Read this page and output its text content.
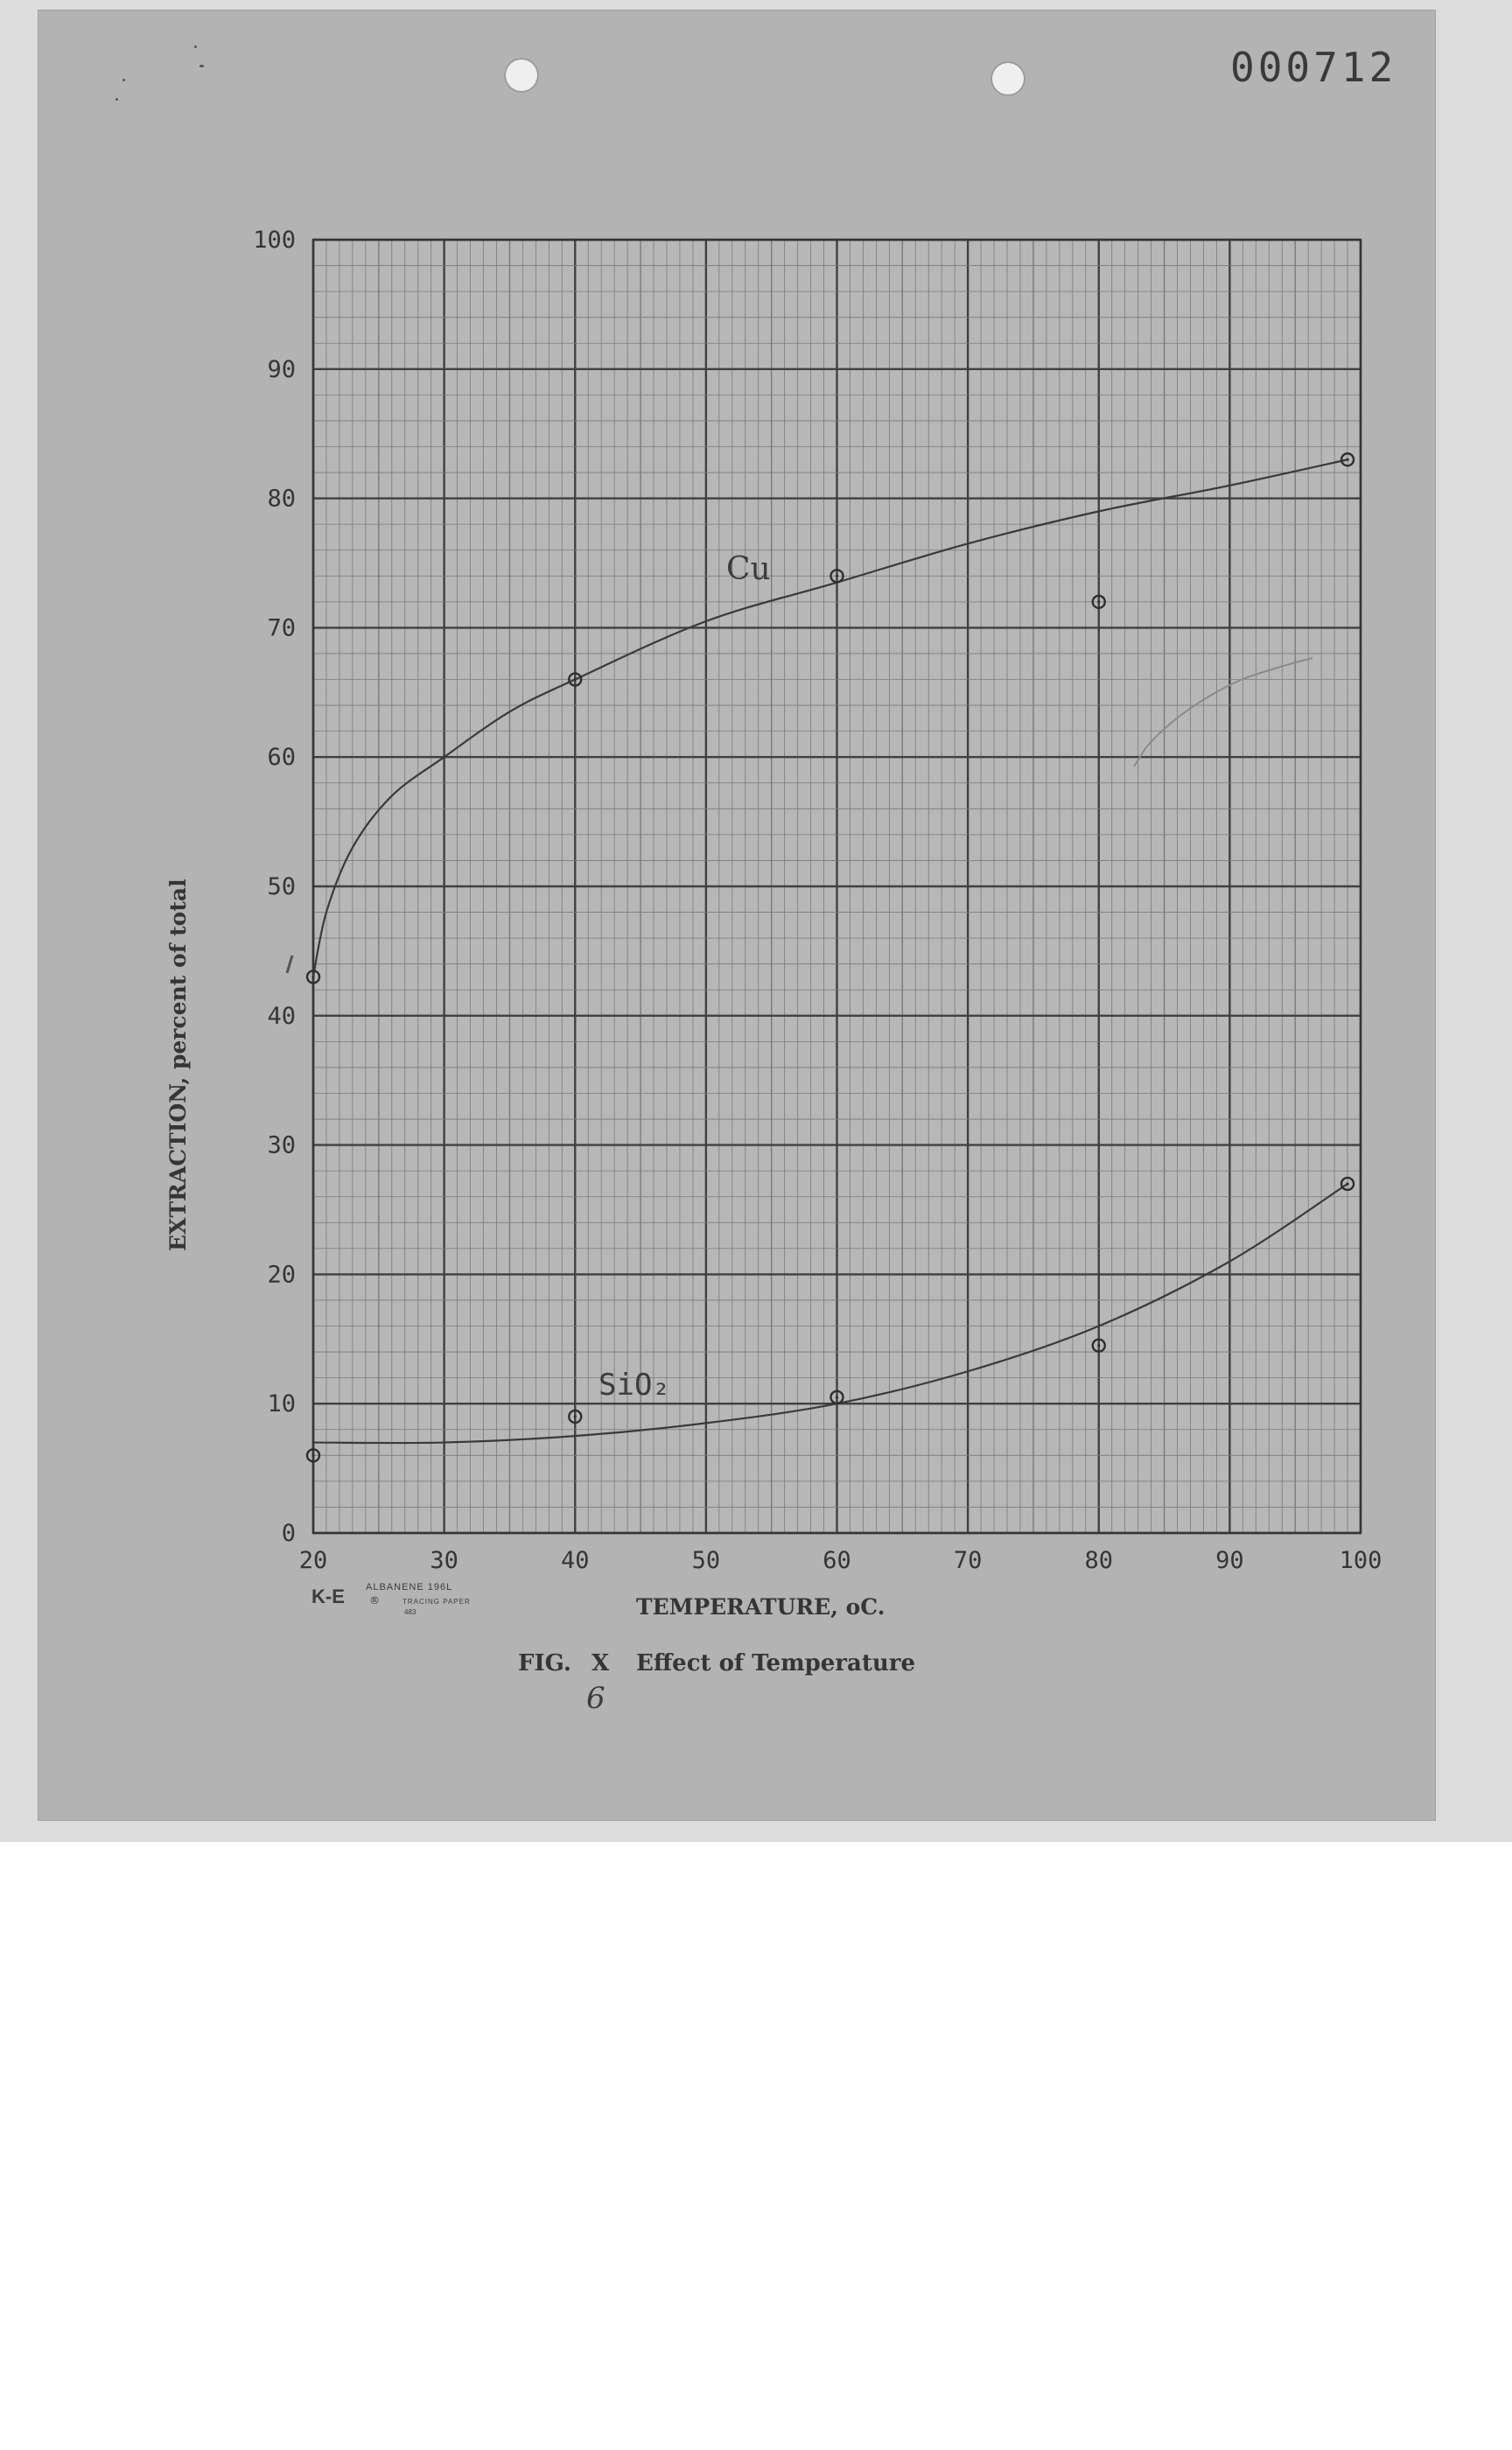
000712
20	30	40	50	60	70	80	90	100
0
10
20
30
40
50
60
70
80
90
100
Cu
SiO₂
EXTRACTION, percent of total
TEMPERATURE, oC.
FIG. X Effect of Temperature
6
K-E ALBANENE 196L
®	TRACING PAPER
483
